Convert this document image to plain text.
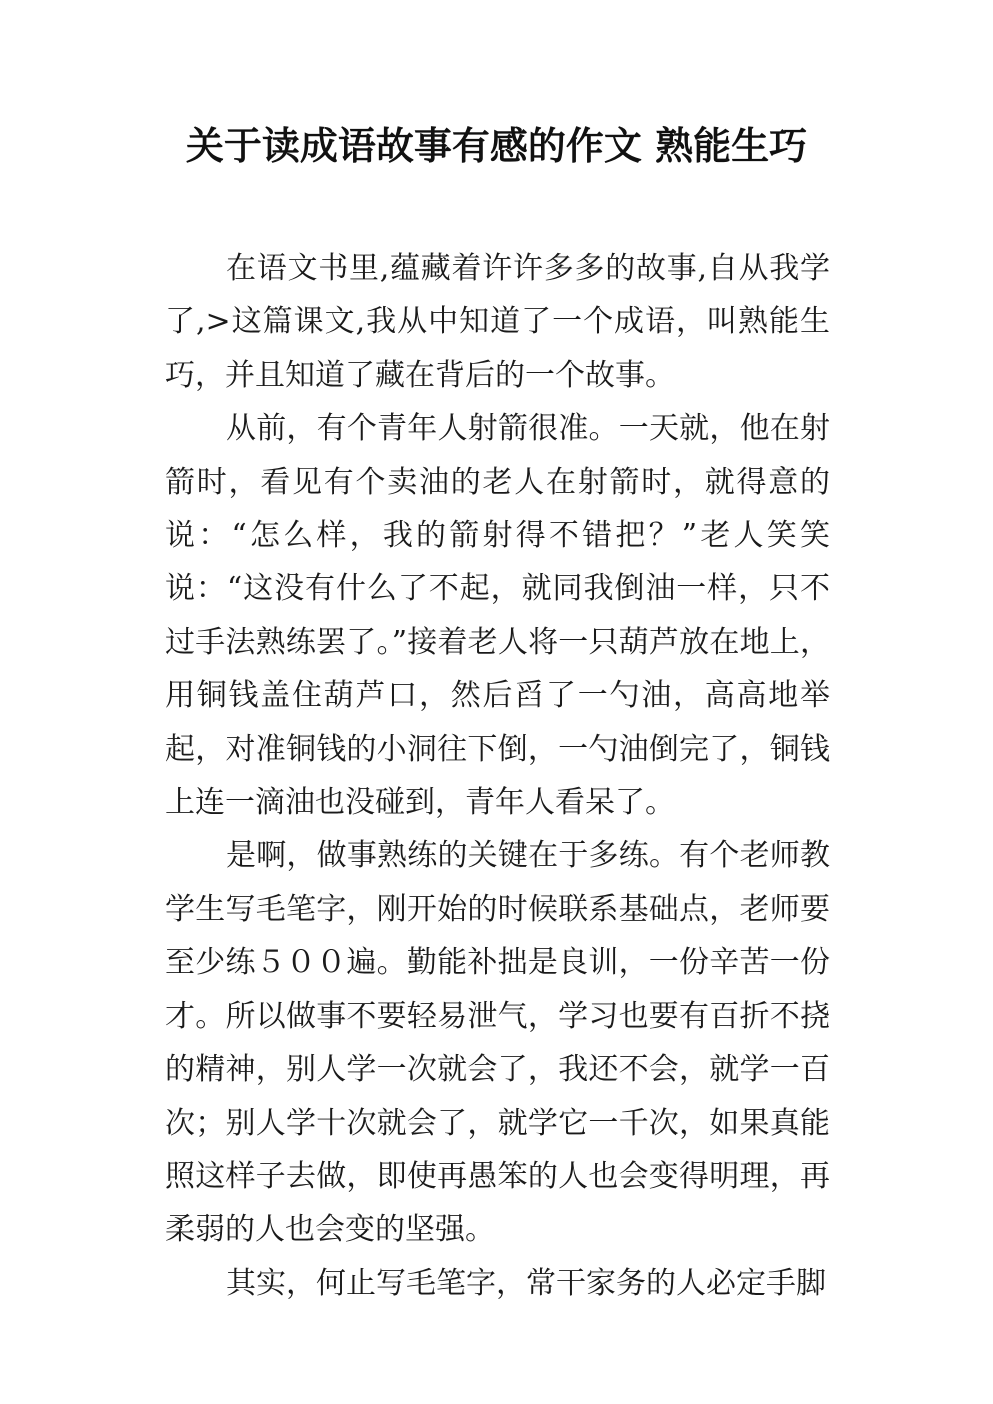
关于读成语故事有感的作文 熟能生巧

在语文书里,蕴藏着许许多多的故事,自从我学了,>这篇课文,我从中知道了一个成语，叫熟能生巧，并且知道了藏在背后的一个故事。

从前，有个青年人射箭很准。一天就，他在射箭时，看见有个卖油的老人在射箭时，就得意的说：“怎么样，我的箭射得不错把？”老人笑笑说：“这没有什么了不起，就同我倒油一样，只不过手法熟练罢了。”接着老人将一只葫芦放在地上，用铜钱盖住葫芦口，然后舀了一勺油，高高地举起，对准铜钱的小洞往下倒，一勺油倒完了，铜钱上连一滴油也没碰到，青年人看呆了。

是啊，做事熟练的关键在于多练。有个老师教学生写毛笔字，刚开始的时候联系基础点，老师要至少练５００遍。勤能补拙是良训，一份辛苦一份才。所以做事不要轻易泄气，学习也要有百折不挠的精神，别人学一次就会了，我还不会，就学一百次；别人学十次就会了，就学它一千次，如果真能照这样子去做，即使再愚笨的人也会变得明理，再柔弱的人也会变的坚强。

其实，何止写毛笔字，常干家务的人必定手脚
